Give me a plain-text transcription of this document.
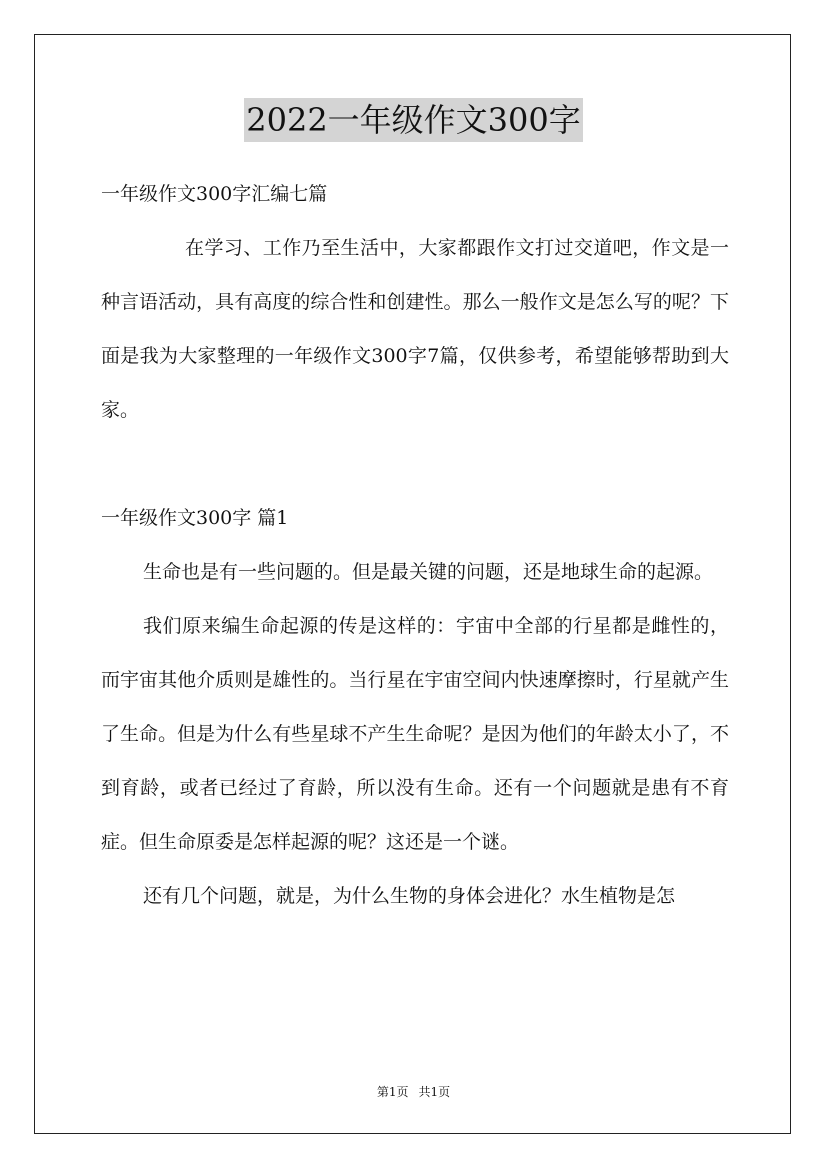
2022一年级作文300字
一年级作文300字汇编七篇
在学习、工作乃至生活中，大家都跟作文打过交道吧，作文是一种言语活动，具有高度的综合性和创建性。那么一般作文是怎么写的呢？下面是我为大家整理的一年级作文300字7篇，仅供参考，希望能够帮助到大家。
一年级作文300字 篇1

生命也是有一些问题的。但是最关键的问题，还是地球生命的起源。

我们原来编生命起源的传是这样的：宇宙中全部的行星都是雌性的，而宇宙其他介质则是雄性的。当行星在宇宙空间内快速摩擦时，行星就产生了生命。但是为什么有些星球不产生生命呢？是因为他们的年龄太小了，不到育龄，或者已经过了育龄，所以没有生命。还有一个问题就是患有不育症。但生命原委是怎样起源的呢？这还是一个谜。

还有几个问题，就是，为什么生物的身体会进化？水生植物是怎

第1页 共1页
